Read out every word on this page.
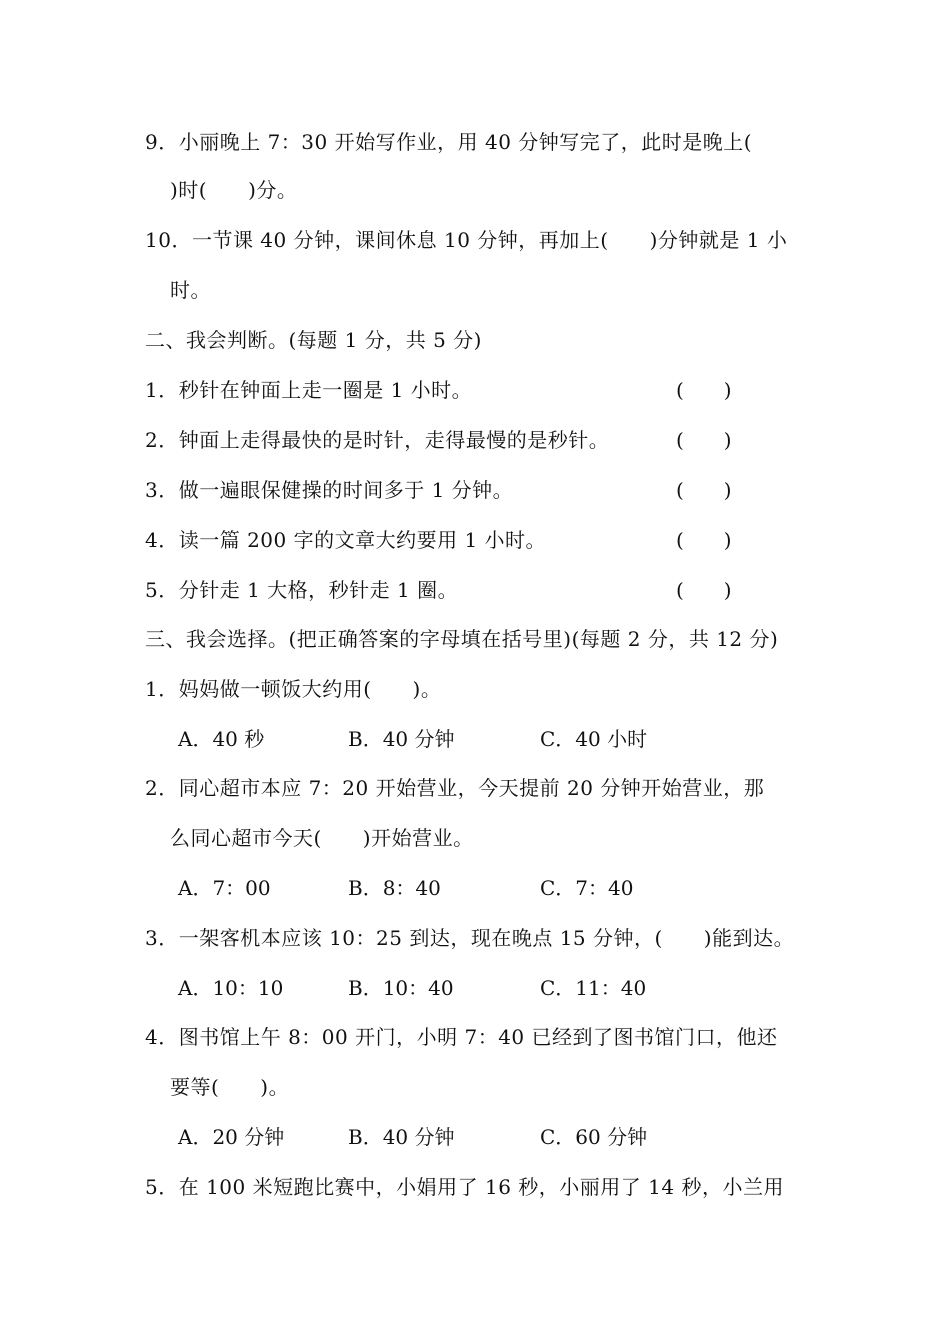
9．小丽晚上 7：30 开始写作业，用 40 分钟写完了，此时是晚上(
)时(　　)分。
10．一节课 40 分钟，课间休息 10 分钟，再加上(　　)分钟就是 1 小
时。
二、我会判断。(每题 1 分，共 5 分)
1．秒针在钟面上走一圈是 1 小时。	(　　)
2．钟面上走得最快的是时针，走得最慢的是秒针。	(　　)
3．做一遍眼保健操的时间多于 1 分钟。	(　　)
4．读一篇 200 字的文章大约要用 1 小时。	(　　)
5．分针走 1 大格，秒针走 1 圈。	(　　)
三、我会选择。(把正确答案的字母填在括号里)(每题 2 分，共 12 分)
1．妈妈做一顿饭大约用(　　)。
A．40 秒	B．40 分钟	C．40 小时
2．同心超市本应 7：20 开始营业，今天提前 20 分钟开始营业，那
么同心超市今天(　　)开始营业。
A．7：00	B．8：40	C．7：40
3．一架客机本应该 10：25 到达，现在晚点 15 分钟，(　　)能到达。
A．10：10	B．10：40	C．11：40
4．图书馆上午 8：00 开门，小明 7：40 已经到了图书馆门口，他还
要等(　　)。
A．20 分钟	B．40 分钟	C．60 分钟
5．在 100 米短跑比赛中，小娟用了 16 秒，小丽用了 14 秒，小兰用
